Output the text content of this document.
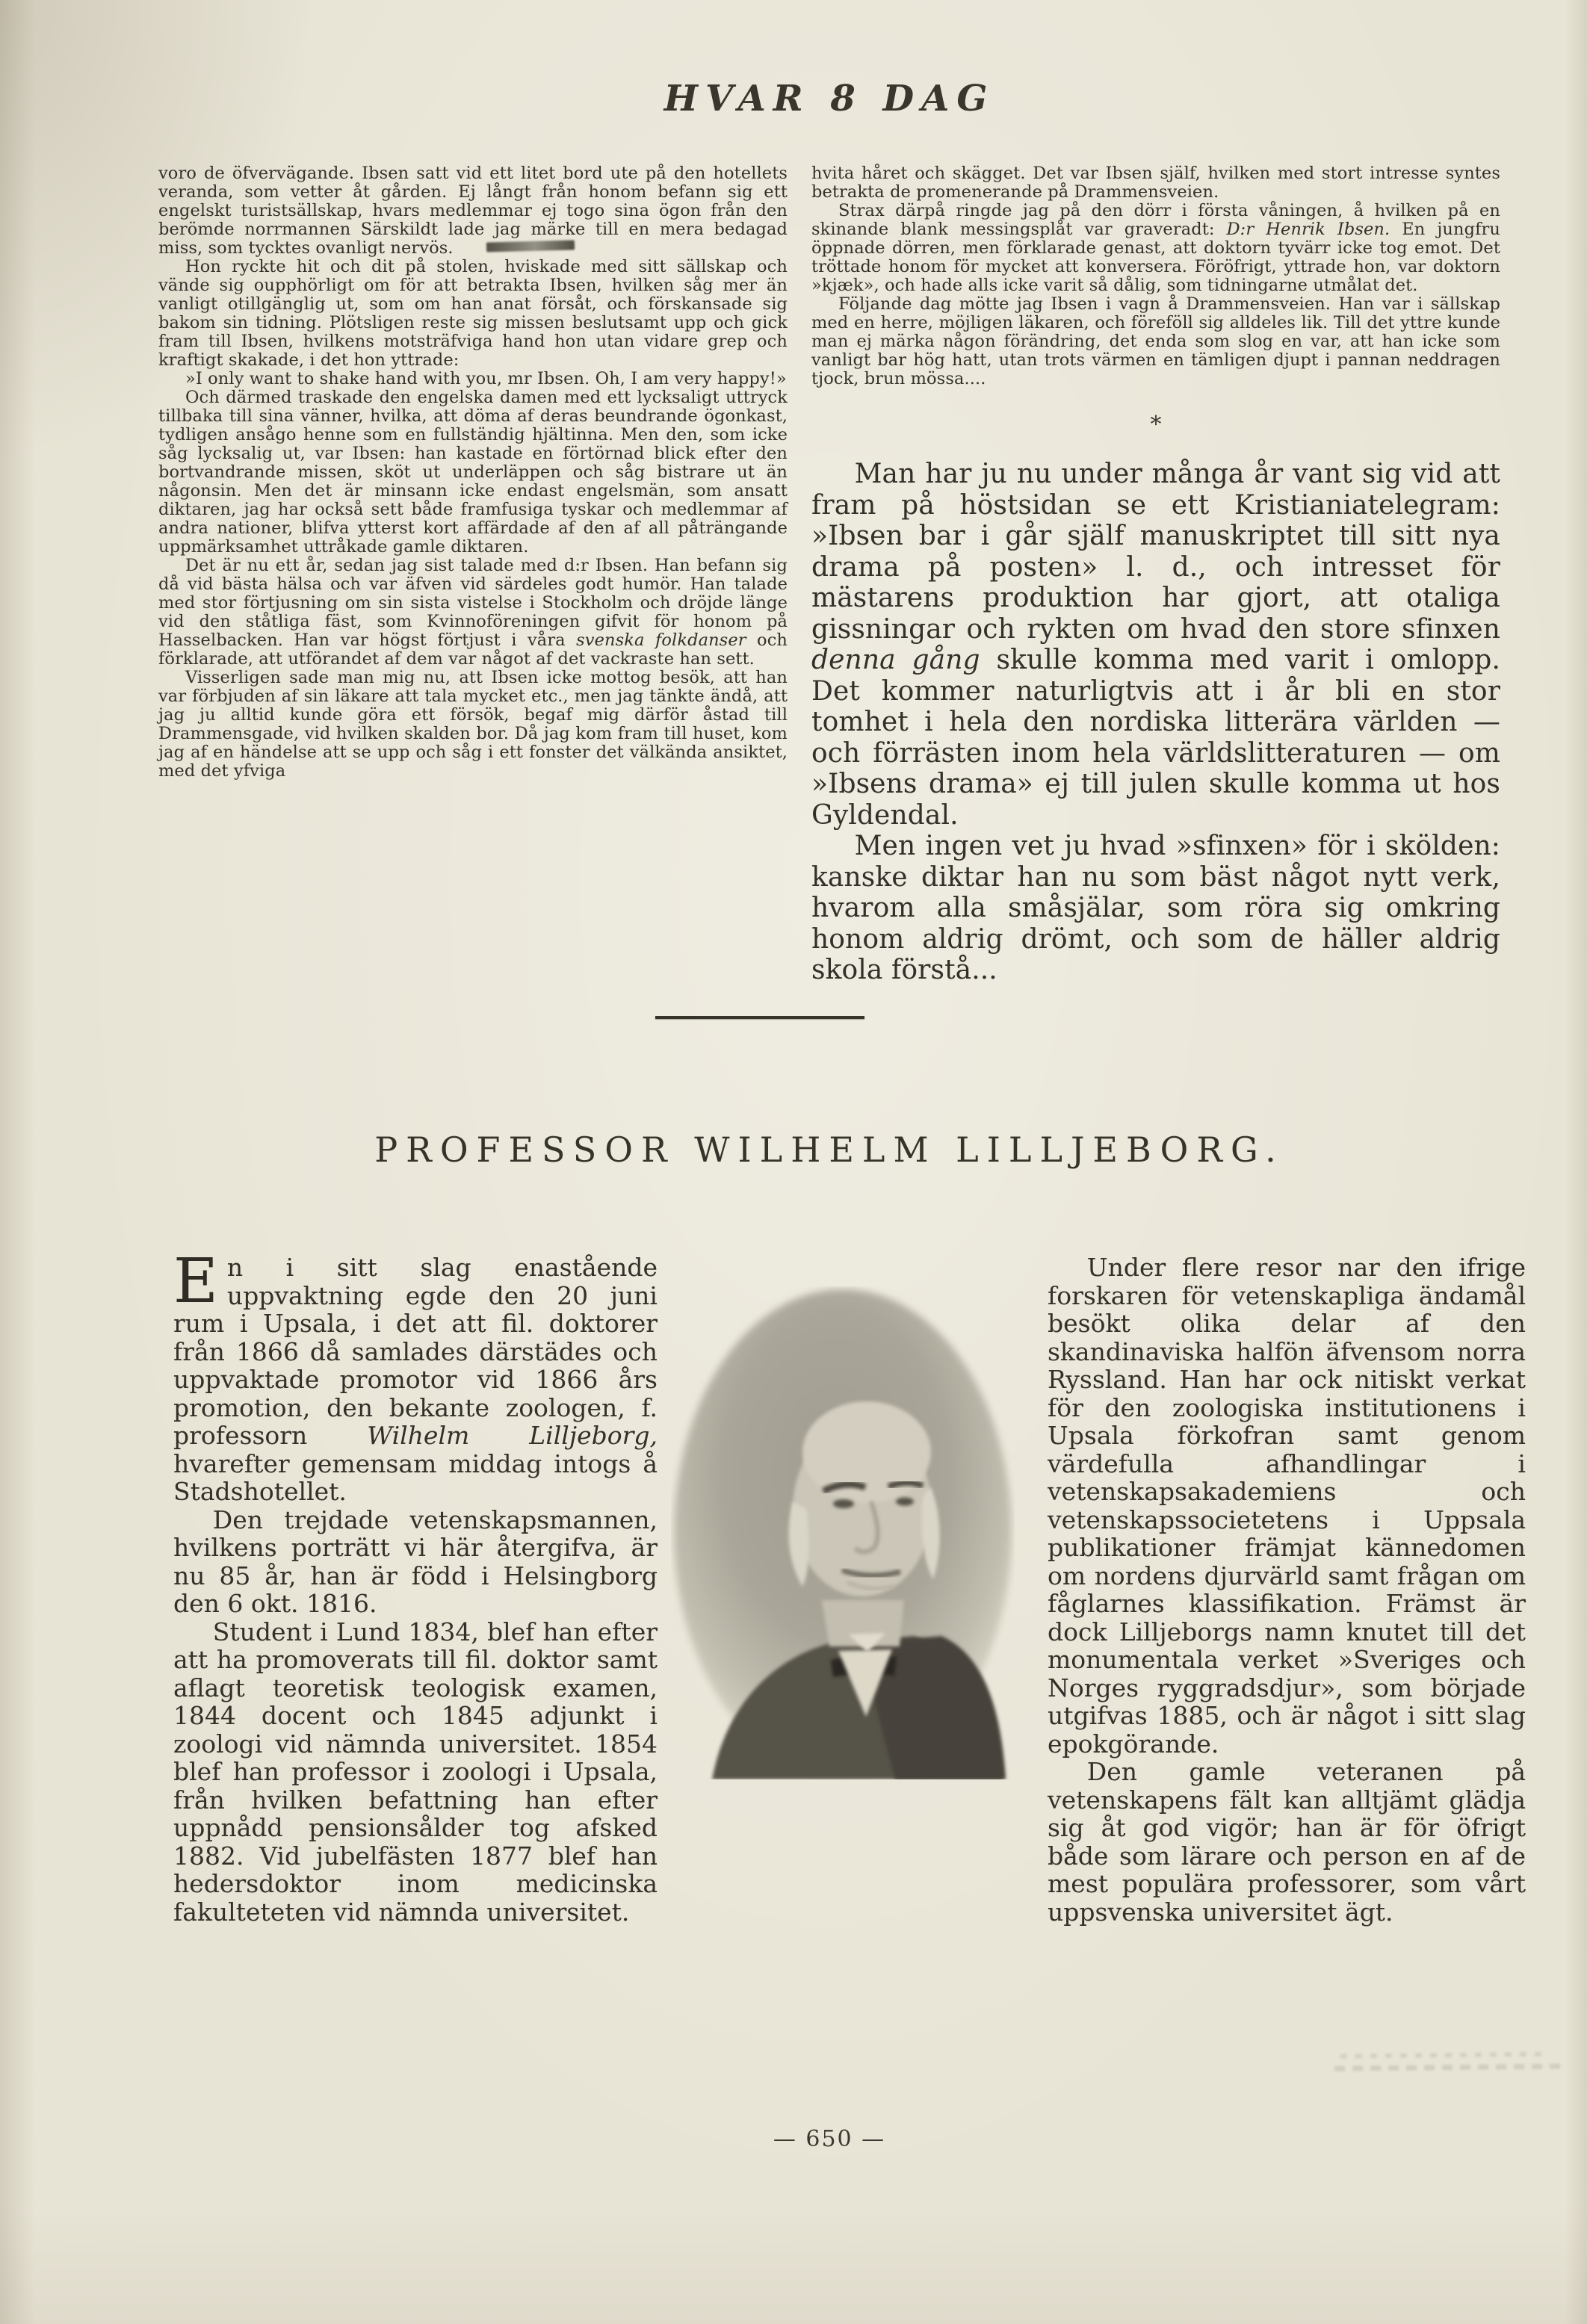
HVAR 8 DAG

voro de öfvervägande. Ibsen satt vid ett litet bord ute på den hotellets veranda, som vetter åt gården. Ej långt från honom befann sig ett engelskt turistsällskap, hvars medlemmar ej togo sina ögon från den berömde norrmannen Särskildt lade jag märke till en mera bedagad miss, som tycktes ovanligt nervös.

Hon ryckte hit och dit på stolen, hviskade med sitt sällskap och vände sig oupphörligt om för att betrakta Ibsen, hvilken såg mer än vanligt otillgänglig ut, som om han anat försåt, och förskansade sig bakom sin tidning. Plötsligen reste sig missen beslutsamt upp och gick fram till Ibsen, hvilkens motsträfviga hand hon utan vidare grep och kraftigt skakade, i det hon yttrade:

»I only want to shake hand with you, mr Ibsen. Oh, I am very happy!»

Och därmed traskade den engelska damen med ett lycksaligt uttryck tillbaka till sina vänner, hvilka, att döma af deras beundrande ögonkast, tydligen ansågo henne som en fullständig hjältinna. Men den, som icke såg lycksalig ut, var Ibsen: han kastade en förtörnad blick efter den bortvandrande missen, sköt ut underläppen och såg bistrare ut än någonsin. Men det är minsann icke endast engelsmän, som ansatt diktaren, jag har också sett både framfusiga tyskar och medlemmar af andra nationer, blifva ytterst kort affärdade af den af all påträngande uppmärksamhet uttråkade gamle diktaren.

Det är nu ett år, sedan jag sist talade med d:r Ibsen. Han befann sig då vid bästa hälsa och var äfven vid särdeles godt humör. Han talade med stor förtjusning om sin sista vistelse i Stockholm och dröjde länge vid den ståtliga fäst, som Kvinnoföreningen gifvit för honom på Hasselbacken. Han var högst förtjust i våra svenska folkdanser och förklarade, att utförandet af dem var något af det vackraste han sett.

Visserligen sade man mig nu, att Ibsen icke mottog besök, att han var förbjuden af sin läkare att tala mycket etc., men jag tänkte ändå, att jag ju alltid kunde göra ett försök, begaf mig därför åstad till Drammensgade, vid hvilken skalden bor. Då jag kom fram till huset, kom jag af en händelse att se upp och såg i ett fonster det välkända ansiktet, med det yfviga

hvita håret och skägget. Det var Ibsen själf, hvilken med stort intresse syntes betrakta de promenerande på Drammensveien.

Strax därpå ringde jag på den dörr i första våningen, å hvilken på en skinande blank messingsplåt var graveradt: D:r Henrik Ibsen. En jungfru öppnade dörren, men förklarade genast, att doktorn tyvärr icke tog emot. Det tröttade honom för mycket att konversera. Föröfrigt, yttrade hon, var doktorn »kjæk», och hade alls icke varit så dålig, som tidningarne utmålat det.

Följande dag mötte jag Ibsen i vagn å Drammensveien. Han var i sällskap med en herre, möjligen läkaren, och föreföll sig alldeles lik. Till det yttre kunde man ej märka någon förändring, det enda som slog en var, att han icke som vanligt bar hög hatt, utan trots värmen en tämligen djupt i pannan neddragen tjock, brun mössa....

*

Man har ju nu under många år vant sig vid att fram på höstsidan se ett Kristianiatelegram: »Ibsen bar i går själf manuskriptet till sitt nya drama på posten» l. d., och intresset för mästarens produktion har gjort, att otaliga gissningar och rykten om hvad den store sfinxen denna gång skulle komma med varit i omlopp. Det kommer naturligtvis att i år bli en stor tomhet i hela den nordiska litterära världen — och förrästen inom hela världslitteraturen — om »Ibsens drama» ej till julen skulle komma ut hos Gyldendal.

Men ingen vet ju hvad »sfinxen» för i skölden: kanske diktar han nu som bäst något nytt verk, hvarom alla småsjälar, som röra sig omkring honom aldrig drömt, och som de häller aldrig skola förstå...

PROFESSOR WILHELM LILLJEBORG.

En i sitt slag enastående uppvaktning egde den 20 juni rum i Upsala, i det att fil. doktorer från 1866 då samlades därstädes och uppvaktade promotor vid 1866 års promotion, den bekante zoologen, f. professorn Wilhelm Lilljeborg, hvarefter gemensam middag intogs å Stadshotellet.

Den trejdade vetenskapsmannen, hvilkens porträtt vi här återgifva, är nu 85 år, han är född i Helsingborg den 6 okt. 1816.

Student i Lund 1834, blef han efter att ha promoverats till fil. doktor samt aflagt teoretisk teologisk examen, 1844 docent och 1845 adjunkt i zoologi vid nämnda universitet. 1854 blef han professor i zoologi i Upsala, från hvilken befattning han efter uppnådd pensionsålder tog afsked 1882. Vid jubelfästen 1877 blef han hedersdoktor inom medicinska fakulteteten vid nämnda universitet.

Under flere resor nar den ifrige forskaren för vetenskapliga ändamål besökt olika delar af den skandinaviska halfön äfvensom norra Ryssland. Han har ock nitiskt verkat för den zoologiska institutionens i Upsala förkofran samt genom värdefulla afhandlingar i vetenskapsakademiens och vetenskapssocietetens i Uppsala publikationer främjat kännedomen om nordens djurvärld samt frågan om fåglarnes klassifikation. Främst är dock Lilljeborgs namn knutet till det monumentala verket »Sveriges och Norges ryggradsdjur», som började utgifvas 1885, och är något i sitt slag epokgörande.

Den gamle veteranen på vetenskapens fält kan alltjämt glädja sig åt god vigör; han är för öfrigt både som lärare och person en af de mest populära professorer, som vårt uppsvenska universitet ägt.

— 650 —
